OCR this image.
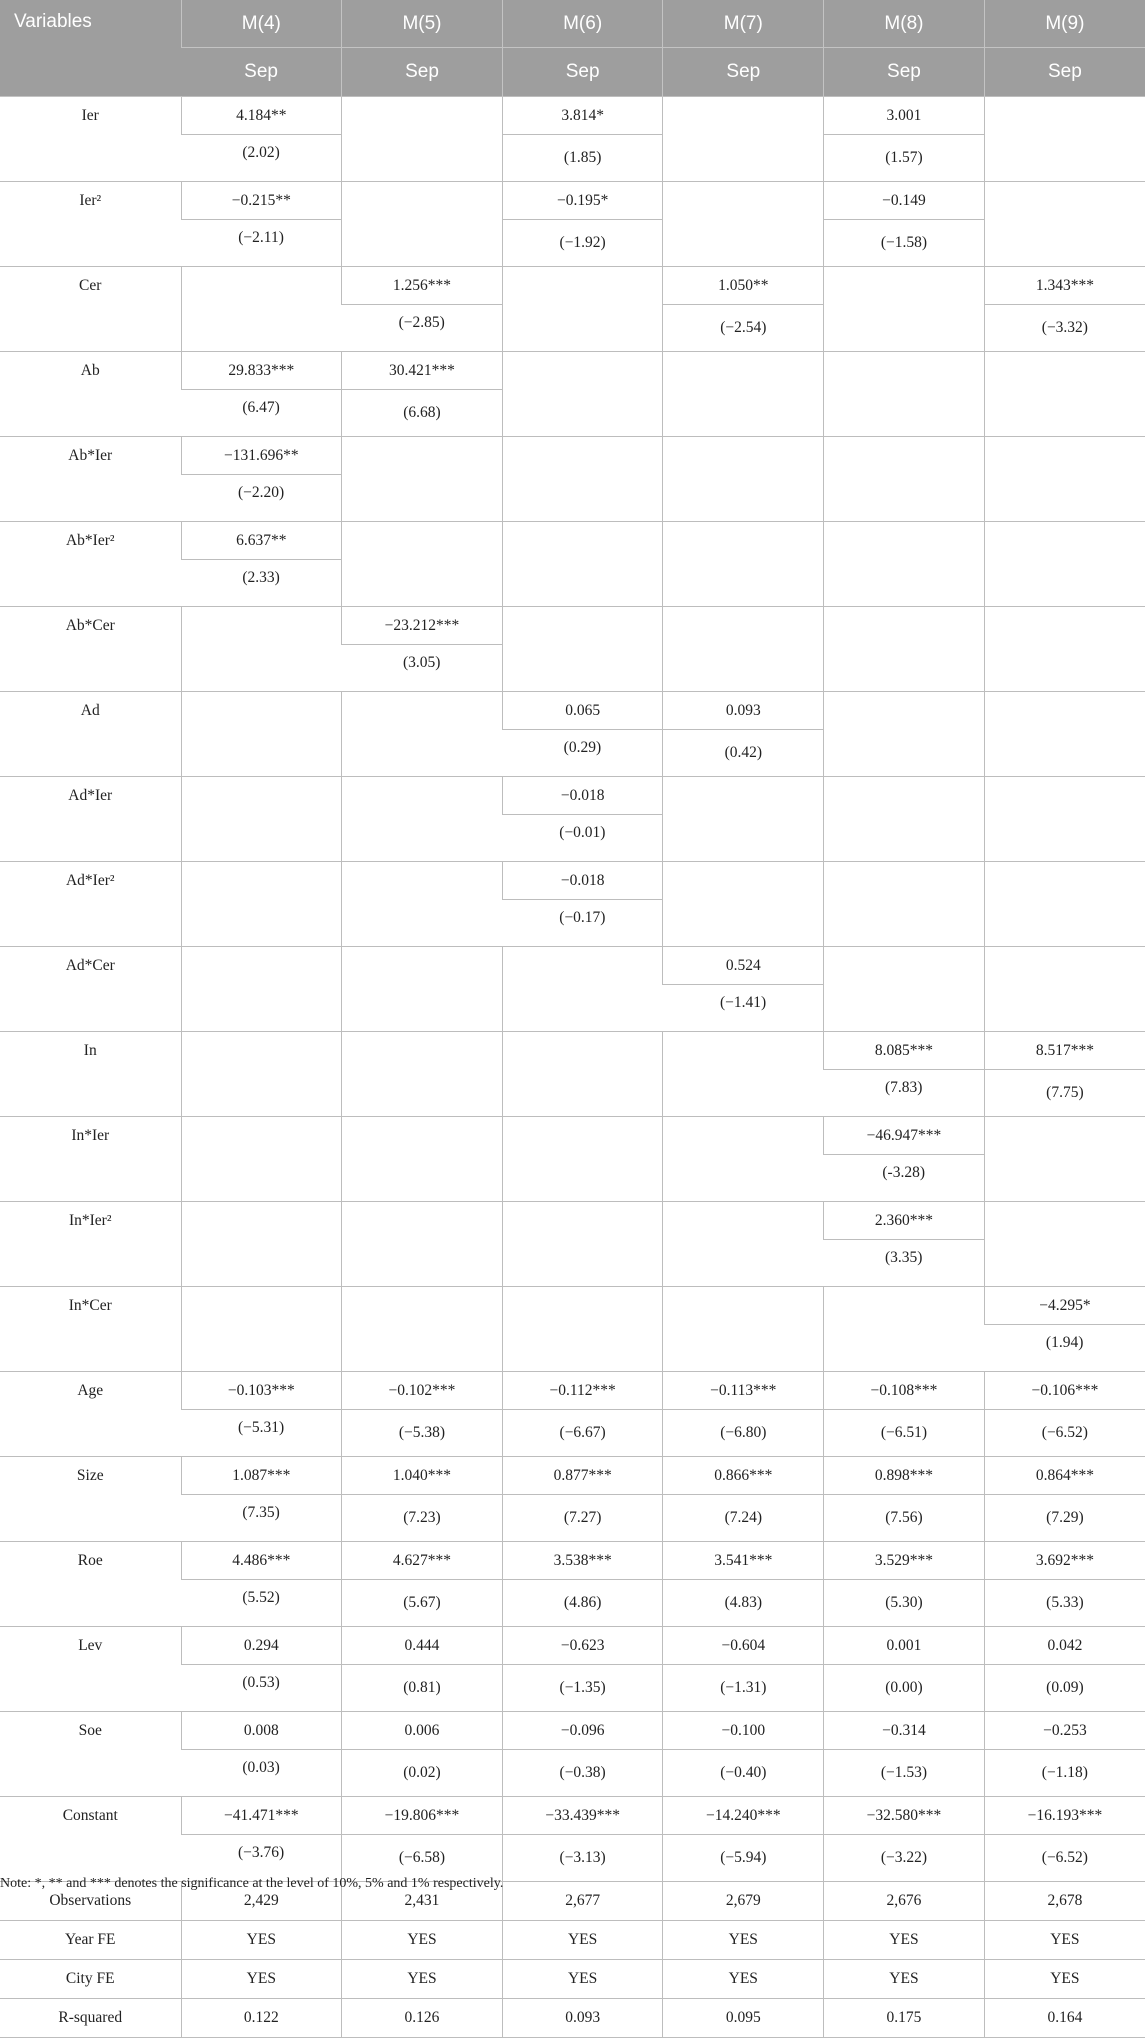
Variables	M(4)	M(5)	M(6)	M(7)	M(8)	M(9)
	Sep	Sep	Sep	Sep	Sep	Sep
Ier	4.184**		3.814*		3.001	
	(2.02)		(1.85)		(1.57)	
Ier²	−0.215**		−0.195*		−0.149	
	(−2.11)		(−1.92)		(−1.58)	
Cer		1.256***		1.050**		1.343***
		(−2.85)		(−2.54)		(−3.32)
Ab	29.833***	30.421***				
	(6.47)	(6.68)				
Ab*Ier	−131.696**					
	(−2.20)					
Ab*Ier²	6.637**					
	(2.33)					
Ab*Cer		−23.212***				
		(3.05)				
Ad			0.065	0.093		
			(0.29)	(0.42)		
Ad*Ier			−0.018			
			(−0.01)			
Ad*Ier²			−0.018			
			(−0.17)			
Ad*Cer				0.524		
				(−1.41)		
In					8.085***	8.517***
					(7.83)	(7.75)
In*Ier					−46.947***	
					(-3.28)	
In*Ier²					2.360***	
					(3.35)	
In*Cer						−4.295*
						(1.94)
Age	−0.103***	−0.102***	−0.112***	−0.113***	−0.108***	−0.106***
	(−5.31)	(−5.38)	(−6.67)	(−6.80)	(−6.51)	(−6.52)
Size	1.087***	1.040***	0.877***	0.866***	0.898***	0.864***
	(7.35)	(7.23)	(7.27)	(7.24)	(7.56)	(7.29)
Roe	4.486***	4.627***	3.538***	3.541***	3.529***	3.692***
	(5.52)	(5.67)	(4.86)	(4.83)	(5.30)	(5.33)
Lev	0.294	0.444	−0.623	−0.604	0.001	0.042
	(0.53)	(0.81)	(−1.35)	(−1.31)	(0.00)	(0.09)
Soe	0.008	0.006	−0.096	−0.100	−0.314	−0.253
	(0.03)	(0.02)	(−0.38)	(−0.40)	(−1.53)	(−1.18)
Constant	−41.471***	−19.806***	−33.439***	−14.240***	−32.580***	−16.193***
	(−3.76)	(−6.58)	(−3.13)	(−5.94)	(−3.22)	(−6.52)
Observations	2,429	2,431	2,677	2,679	2,676	2,678
Year FE	YES	YES	YES	YES	YES	YES
City FE	YES	YES	YES	YES	YES	YES
R-squared	0.122	0.126	0.093	0.095	0.175	0.164

Note: *, ** and *** denotes the significance at the level of 10%, 5% and 1% respectively.
